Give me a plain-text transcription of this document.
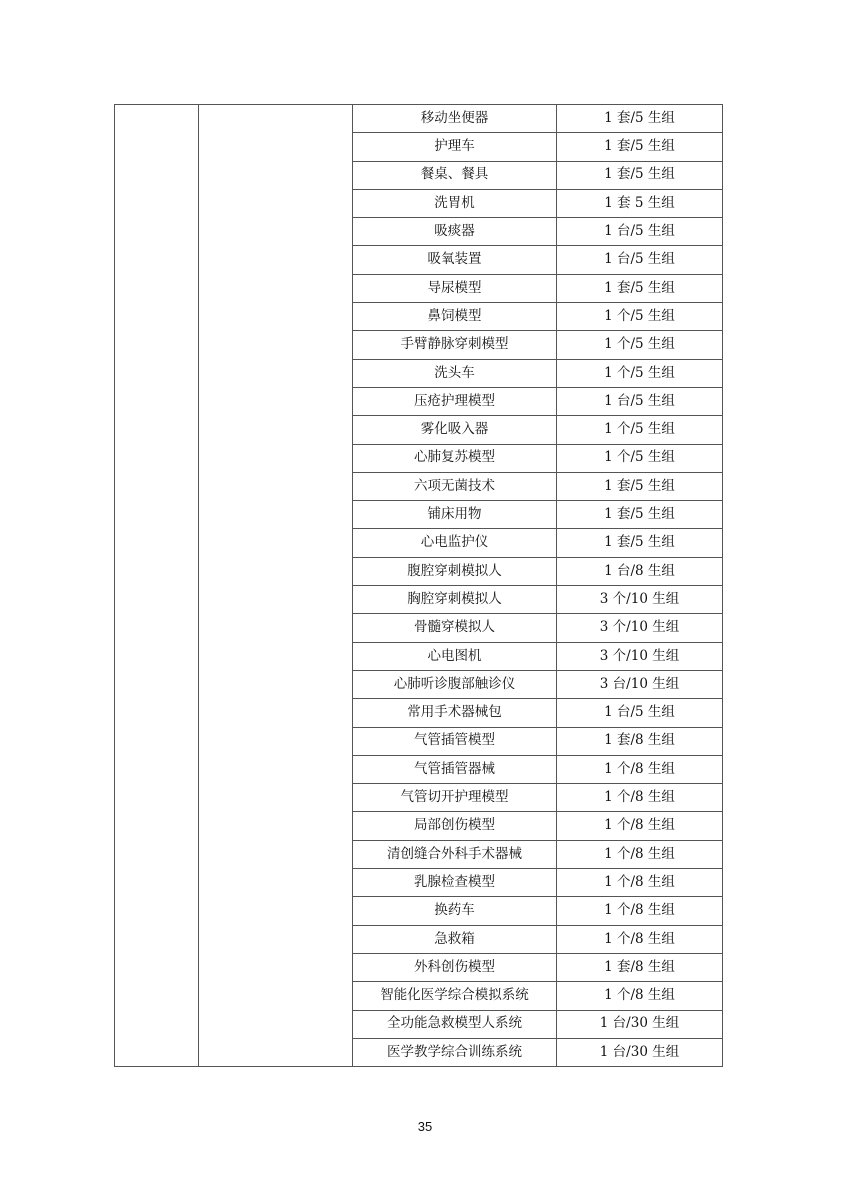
		移动坐便器	1 套/5 生组
		护理车	1 套/5 生组
		餐桌、餐具	1 套/5 生组
		洗胃机	1 套 5 生组
		吸痰器	1 台/5 生组
		吸氧装置	1 台/5 生组
		导尿模型	1 套/5 生组
		鼻饲模型	1 个/5 生组
		手臂静脉穿刺模型	1 个/5 生组
		洗头车	1 个/5 生组
		压疮护理模型	1 台/5 生组
		雾化吸入器	1 个/5 生组
		心肺复苏模型	1 个/5 生组
		六项无菌技术	1 套/5 生组
		铺床用物	1 套/5 生组
		心电监护仪	1 套/5 生组
		腹腔穿刺模拟人	1 台/8 生组
		胸腔穿刺模拟人	3 个/10 生组
		骨髓穿模拟人	3 个/10 生组
		心电图机	3 个/10 生组
		心肺听诊腹部触诊仪	3 台/10 生组
		常用手术器械包	1 台/5 生组
		气管插管模型	1 套/8 生组
		气管插管器械	1 个/8 生组
		气管切开护理模型	1 个/8 生组
		局部创伤模型	1 个/8 生组
		清创缝合外科手术器械	1 个/8 生组
		乳腺检查模型	1 个/8 生组
		换药车	1 个/8 生组
		急救箱	1 个/8 生组
		外科创伤模型	1 套/8 生组
		智能化医学综合模拟系统	1 个/8 生组
		全功能急救模型人系统	1 台/30 生组
		医学教学综合训练系统	1 台/30 生组
35
